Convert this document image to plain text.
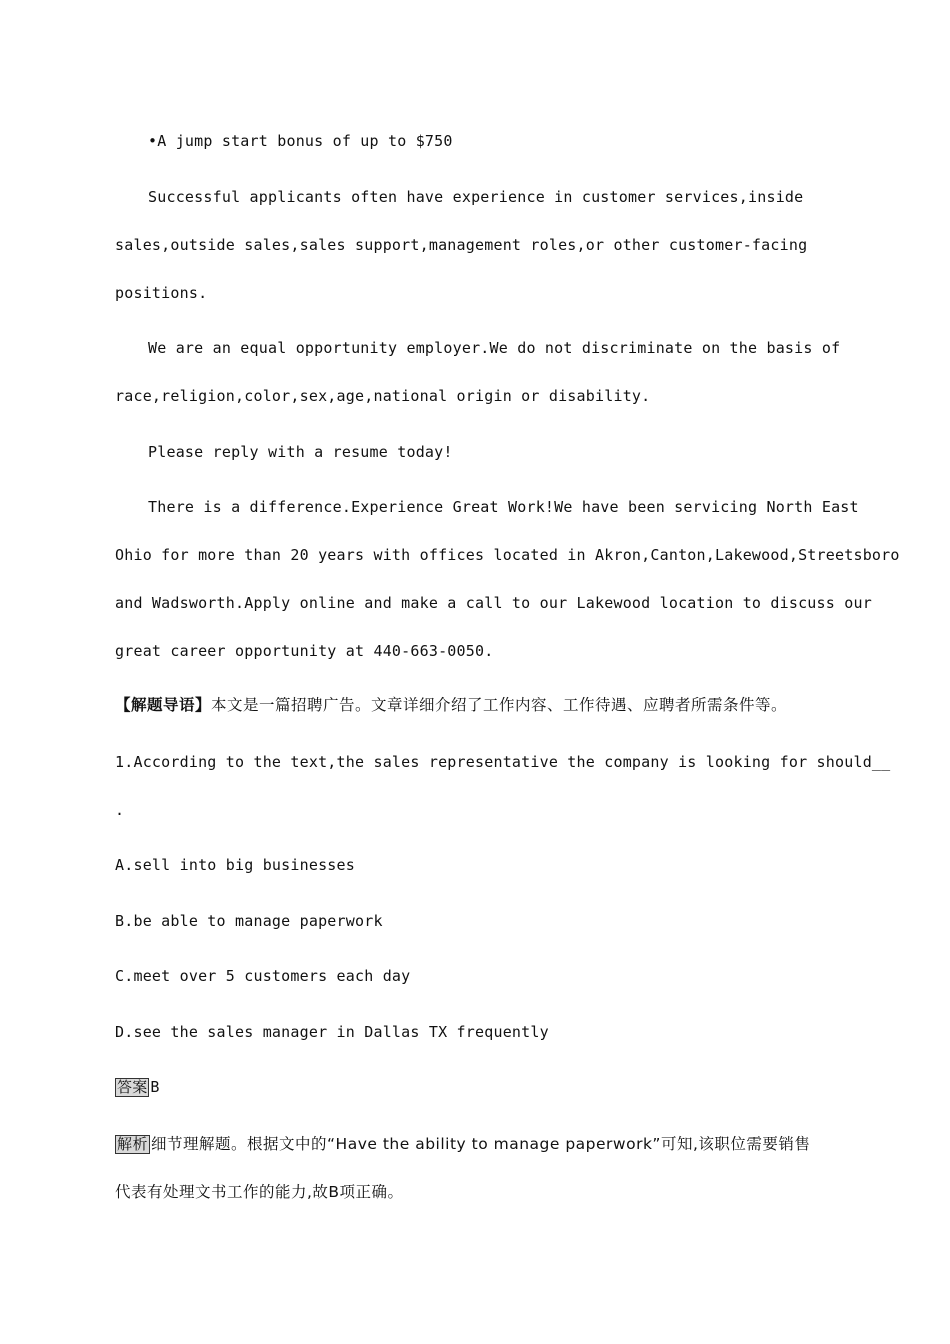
•A jump start bonus of up to $750
Successful applicants often have experience in customer services,inside
sales,outside sales,sales support,management roles,or other customer-facing
positions.
We are an equal opportunity employer.We do not discriminate on the basis of
race,religion,color,sex,age,national origin or disability.
Please reply with a resume today!
There is a difference.Experience Great Work!We have been servicing North East
Ohio for more than 20 years with offices located in Akron,Canton,Lakewood,Streetsboro
and Wadsworth.Apply online and make a call to our Lakewood location to discuss our
great career opportunity at 440-663-0050.
【解题导语】本文是一篇招聘广告。文章详细介绍了工作内容、工作待遇、应聘者所需条件等。
1.According to the text,the sales representative the company is looking for should__
.
A.sell into big businesses
B.be able to manage paperwork
C.meet over 5 customers each day
D.see the sales manager in Dallas TX frequently
答案 B
解析 细节理解题。根据文中的“Have the ability to manage paperwork”可知,该职位需要销售
代表有处理文书工作的能力,故B项正确。
